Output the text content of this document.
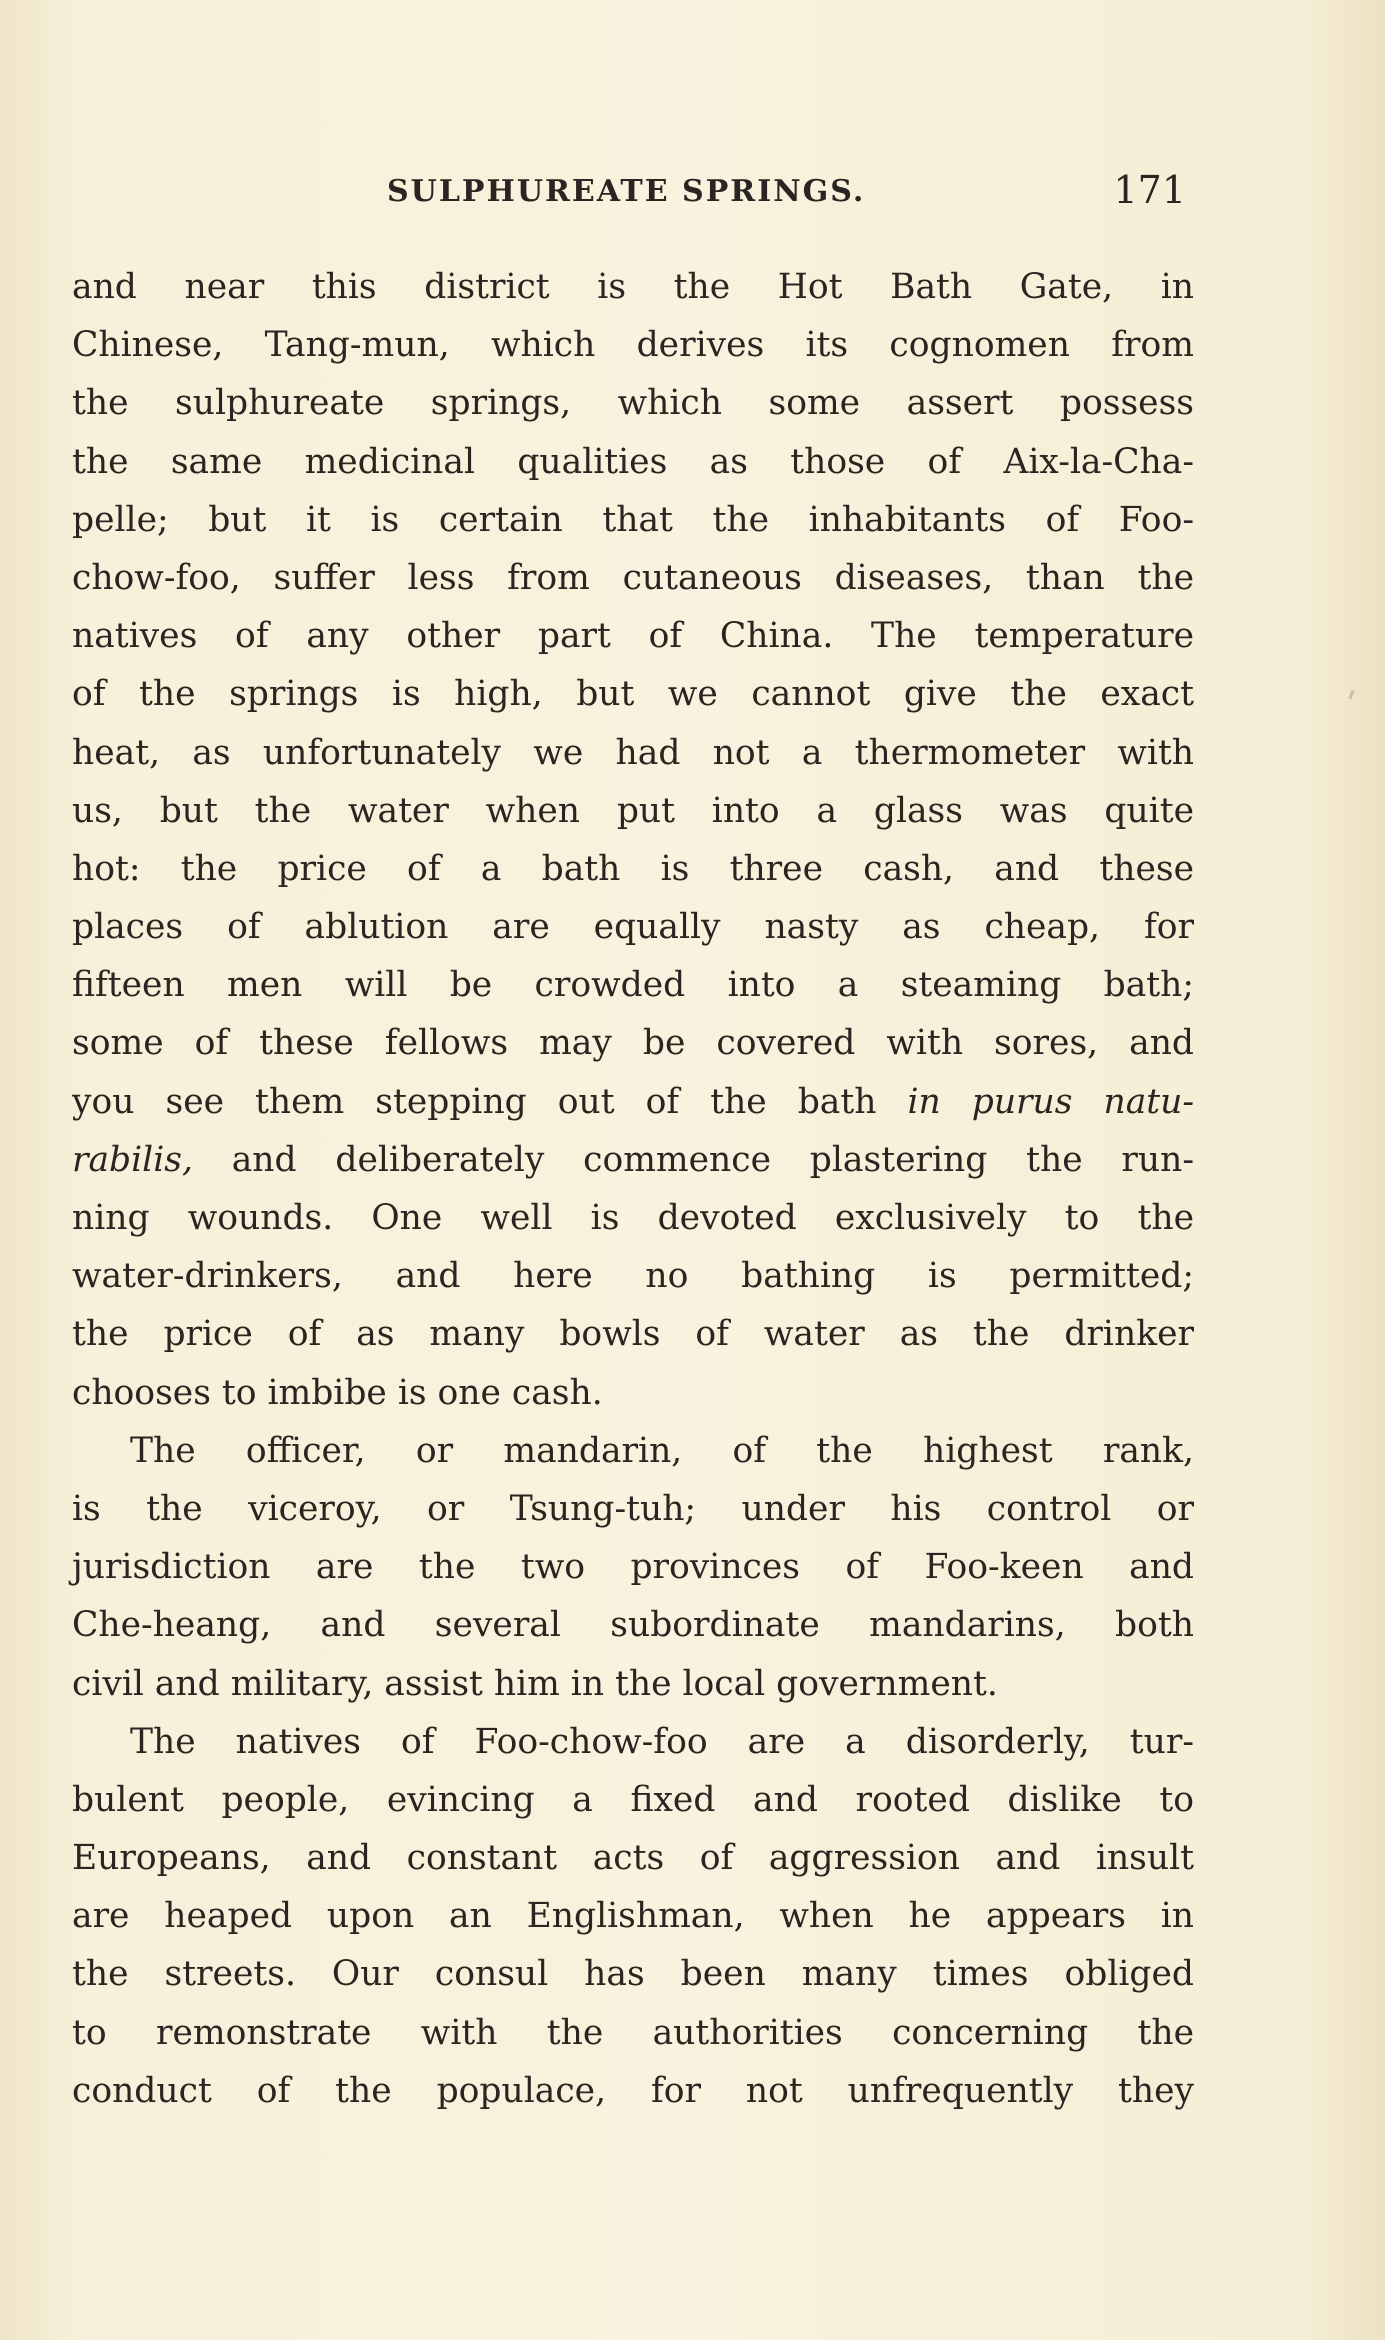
SULPHUREATE SPRINGS.	171
and near this district is the Hot Bath Gate, in
Chinese, Tang-mun, which derives its cognomen from
the sulphureate springs, which some assert possess
the same medicinal qualities as those of Aix-la-Cha-
pelle; but it is certain that the inhabitants of Foo-
chow-foo, suffer less from cutaneous diseases, than the
natives of any other part of China. The temperature
of the springs is high, but we cannot give the exact
heat, as unfortunately we had not a thermometer with
us, but the water when put into a glass was quite
hot: the price of a bath is three cash, and these
places of ablution are equally nasty as cheap, for
fifteen men will be crowded into a steaming bath;
some of these fellows may be covered with sores, and
you see them stepping out of the bath in purus natu-
rabilis, and deliberately commence plastering the run-
ning wounds. One well is devoted exclusively to the
water-drinkers, and here no bathing is permitted;
the price of as many bowls of water as the drinker
chooses to imbibe is one cash.
The officer, or mandarin, of the highest rank,
is the viceroy, or Tsung-tuh; under his control or
jurisdiction are the two provinces of Foo-keen and
Che-heang, and several subordinate mandarins, both
civil and military, assist him in the local government.
The natives of Foo-chow-foo are a disorderly, tur-
bulent people, evincing a fixed and rooted dislike to
Europeans, and constant acts of aggression and insult
are heaped upon an Englishman, when he appears in
the streets. Our consul has been many times obliged
to remonstrate with the authorities concerning the
conduct of the populace, for not unfrequently they
